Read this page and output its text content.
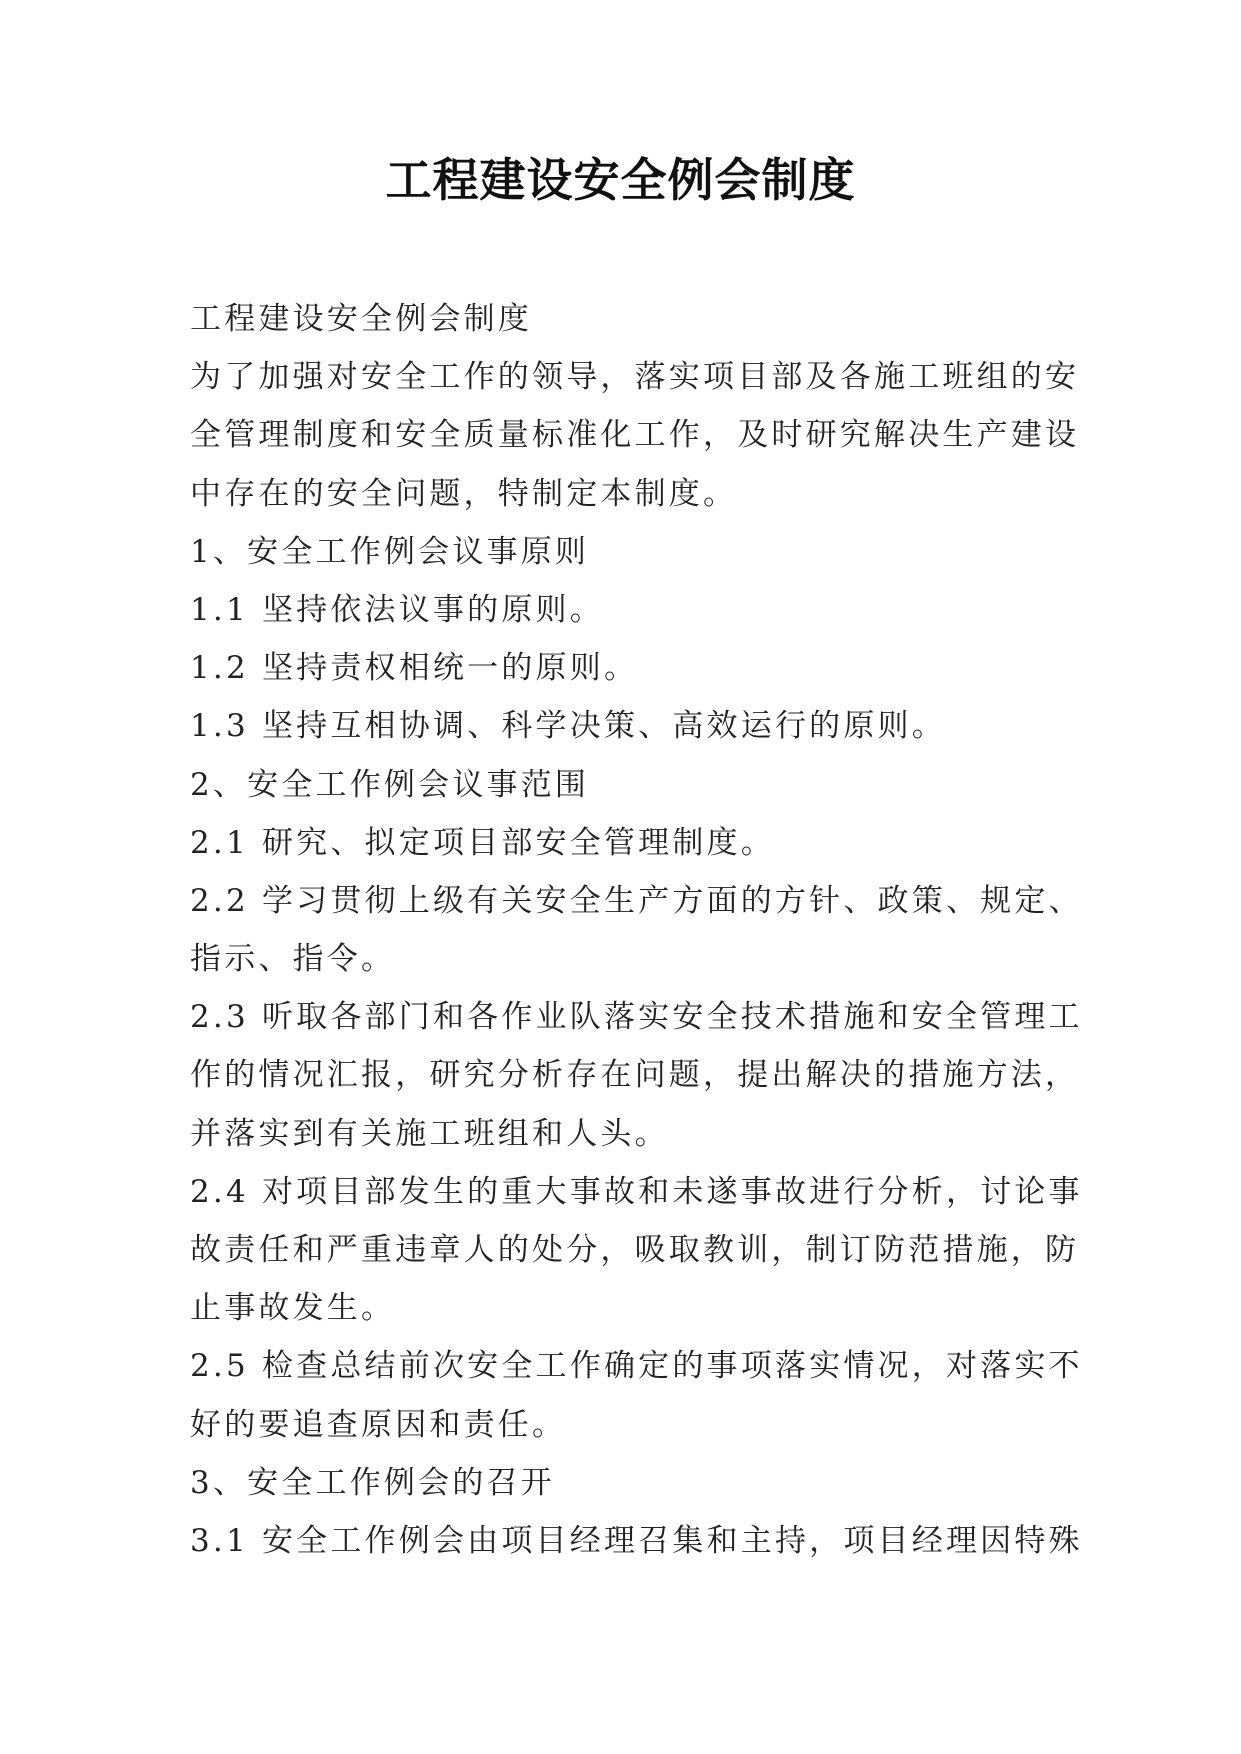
工程建设安全例会制度
工程建设安全例会制度
为了加强对安全工作的领导，落实项目部及各施工班组的安
全管理制度和安全质量标准化工作，及时研究解决生产建设
中存在的安全问题，特制定本制度。
1、安全工作例会议事原则
1.1 坚持依法议事的原则。
1.2 坚持责权相统一的原则。
1.3 坚持互相协调、科学决策、高效运行的原则。
2、安全工作例会议事范围
2.1 研究、拟定项目部安全管理制度。
2.2 学习贯彻上级有关安全生产方面的方针、政策、规定、
指示、指令。
2.3 听取各部门和各作业队落实安全技术措施和安全管理工
作的情况汇报，研究分析存在问题，提出解决的措施方法，
并落实到有关施工班组和人头。
2.4 对项目部发生的重大事故和未遂事故进行分析，讨论事
故责任和严重违章人的处分，吸取教训，制订防范措施，防
止事故发生。
2.5 检查总结前次安全工作确定的事项落实情况，对落实不
好的要追查原因和责任。
3、安全工作例会的召开
3.1 安全工作例会由项目经理召集和主持，项目经理因特殊
